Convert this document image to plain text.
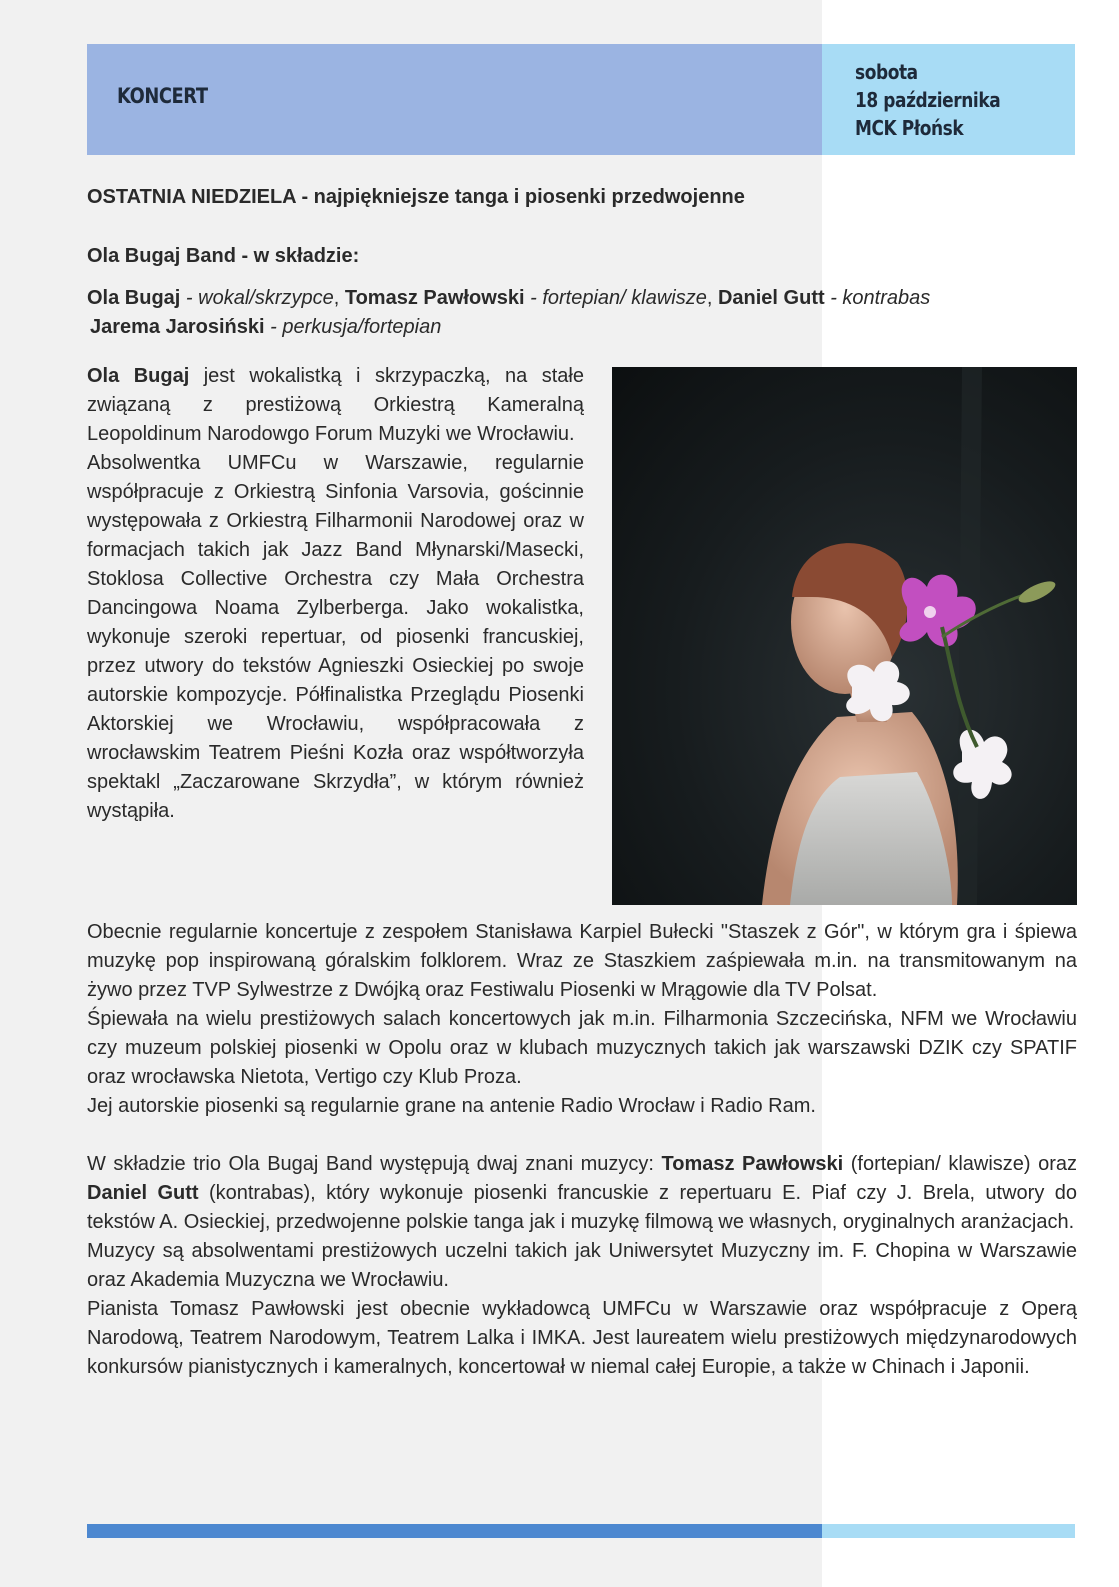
KONCERT
sobota
18 października
MCK Płońsk
OSTATNIA NIEDZIELA - najpiękniejsze tanga i piosenki przedwojenne
Ola Bugaj Band - w składzie:
Ola Bugaj - wokal/skrzypce, Tomasz Pawłowski - fortepian/ klawisze, Daniel Gutt - kontrabas
Jarema Jarosiński - perkusja/fortepian

Ola Bugaj jest wokalistką i skrzypaczką, na stałe związaną z prestiżową Orkiestrą Kameralną Leopoldinum Narodowgo Forum Muzyki we Wrocławiu.

Absolwentka UMFCu w Warszawie, regularnie współpracuje z Orkiestrą Sinfonia Varsovia, gościnnie występowała z Orkiestrą Filharmonii Narodowej oraz w formacjach takich jak Jazz Band Młynarski/Masecki, Stoklosa Collective Orchestra czy Mała Orchestra Dancingowa Noama Zylberberga. Jako wokalistka, wykonuje szeroki repertuar, od piosenki francuskiej, przez utwory do tekstów Agnieszki Osieckiej po swoje autorskie kompozycje. Półfinalistka Przeglądu Piosenki Aktorskiej we Wrocławiu, współpracowała z wrocławskim Teatrem Pieśni Kozła oraz współtworzyła spektakl „Zaczarowane Skrzydła”, w którym również wystąpiła.

Obecnie regularnie koncertuje z zespołem Stanisława Karpiel Bułecki "Staszek z Gór", w którym gra i śpiewa muzykę pop inspirowaną góralskim folklorem. Wraz ze Staszkiem zaśpiewała m.in. na transmitowanym na żywo przez TVP Sylwestrze z Dwójką oraz Festiwalu Piosenki w Mrągowie dla TV Polsat.

Śpiewała na wielu prestiżowych salach koncertowych jak m.in. Filharmonia Szczecińska, NFM we Wrocławiu czy muzeum polskiej piosenki w Opolu oraz w klubach muzycznych takich jak warszawski DZIK czy SPATIF oraz wrocławska Nietota, Vertigo czy Klub Proza.

Jej autorskie piosenki są regularnie grane na antenie Radio Wrocław i Radio Ram.

W składzie trio Ola Bugaj Band występują dwaj znani muzycy: Tomasz Pawłowski (fortepian/ klawisze) oraz Daniel Gutt (kontrabas), który wykonuje piosenki francuskie z repertuaru E. Piaf czy J. Brela, utwory do tekstów A. Osieckiej, przedwojenne polskie tanga jak i muzykę filmową we własnych, oryginalnych aranżacjach.

Muzycy są absolwentami prestiżowych uczelni takich jak Uniwersytet Muzyczny im. F. Chopina w Warszawie oraz Akademia Muzyczna we Wrocławiu.

Pianista Tomasz Pawłowski jest obecnie wykładowcą UMFCu w Warszawie oraz współpracuje z Operą Narodową, Teatrem Narodowym, Teatrem Lalka i IMKA. Jest laureatem wielu prestiżowych międzynarodowych konkursów pianistycznych i kameralnych, koncertował w niemal całej Europie, a także w Chinach i Japonii.
